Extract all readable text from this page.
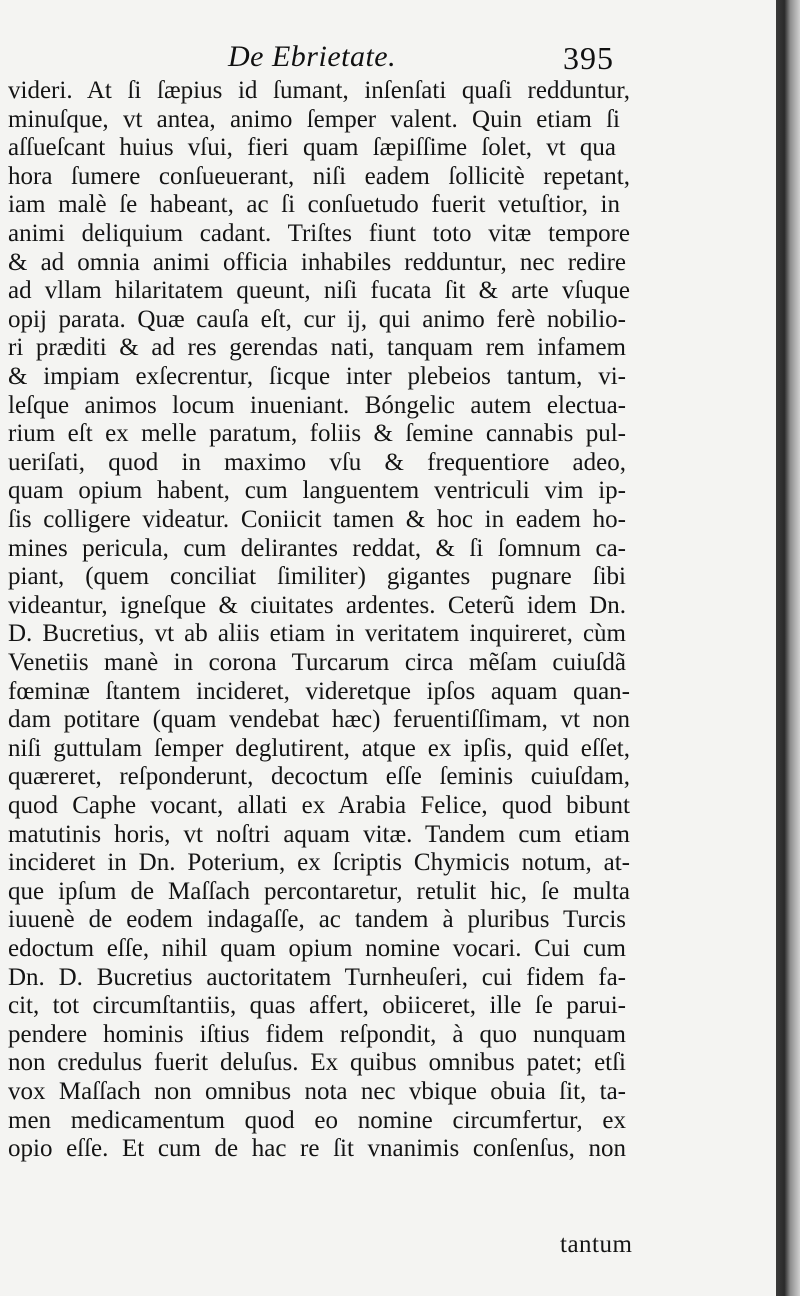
De Ebrietate.	395
videri. At ſi ſæpius id ſumant, inſenſati quaſi redduntur,
minuſque, vt antea, animo ſemper valent. Quin etiam ſi
aſſueſcant huius vſui, fieri quam ſæpiſſime ſolet, vt qua
hora ſumere conſueuerant, niſi eadem ſollicitè repetant,
iam malè ſe habeant, ac ſi conſuetudo fuerit vetuſtior, in
animi deliquium cadant. Triſtes fiunt toto vitæ tempore
& ad omnia animi officia inhabiles redduntur, nec redire
ad vllam hilaritatem queunt, niſi fucata ſit & arte vſuque
opij parata. Quæ cauſa eſt, cur ij, qui animo ferè nobilio-
ri præditi & ad res gerendas nati, tanquam rem infamem
& impiam exſecrentur, ſicque inter plebeios tantum, vi-
leſque animos locum inueniant. Bóngelic autem electua-
rium eſt ex melle paratum, foliis & ſemine cannabis pul-
ueriſati, quod in maximo vſu & frequentiore adeo,
quam opium habent, cum languentem ventriculi vim ip-
ſis colligere videatur. Coniicit tamen & hoc in eadem ho-
mines pericula, cum delirantes reddat, & ſi ſomnum ca-
piant, (quem conciliat ſimiliter) gigantes pugnare ſibi
videantur, igneſque & ciuitates ardentes. Ceterũ idem Dn.
D. Bucretius, vt ab aliis etiam in veritatem inquireret, cùm
Venetiis manè in corona Turcarum circa mẽſam cuiuſdã
fœminæ ſtantem incideret, videretque ipſos aquam quan-
dam potitare (quam vendebat hæc) feruentiſſimam, vt non
niſi guttulam ſemper deglutirent, atque ex ipſis, quid eſſet,
quæreret, reſponderunt, decoctum eſſe ſeminis cuiuſdam,
quod Caphe vocant, allati ex Arabia Felice, quod bibunt
matutinis horis, vt noſtri aquam vitæ. Tandem cum etiam
incideret in Dn. Poterium, ex ſcriptis Chymicis notum, at-
que ipſum de Maſſach percontaretur, retulit hic, ſe multa
iuuenè de eodem indagaſſe, ac tandem à pluribus Turcis
edoctum eſſe, nihil quam opium nomine vocari. Cui cum
Dn. D. Bucretius auctoritatem Turnheuſeri, cui fidem fa-
cit, tot circumſtantiis, quas affert, obiiceret, ille ſe parui-
pendere hominis iſtius fidem reſpondit, à quo nunquam
non credulus fuerit deluſus. Ex quibus omnibus patet; etſi
vox Maſſach non omnibus nota nec vbique obuia ſit, ta-
men medicamentum quod eo nomine circumfertur, ex
opio eſſe. Et cum de hac re ſit vnanimis conſenſus, non
tantum
